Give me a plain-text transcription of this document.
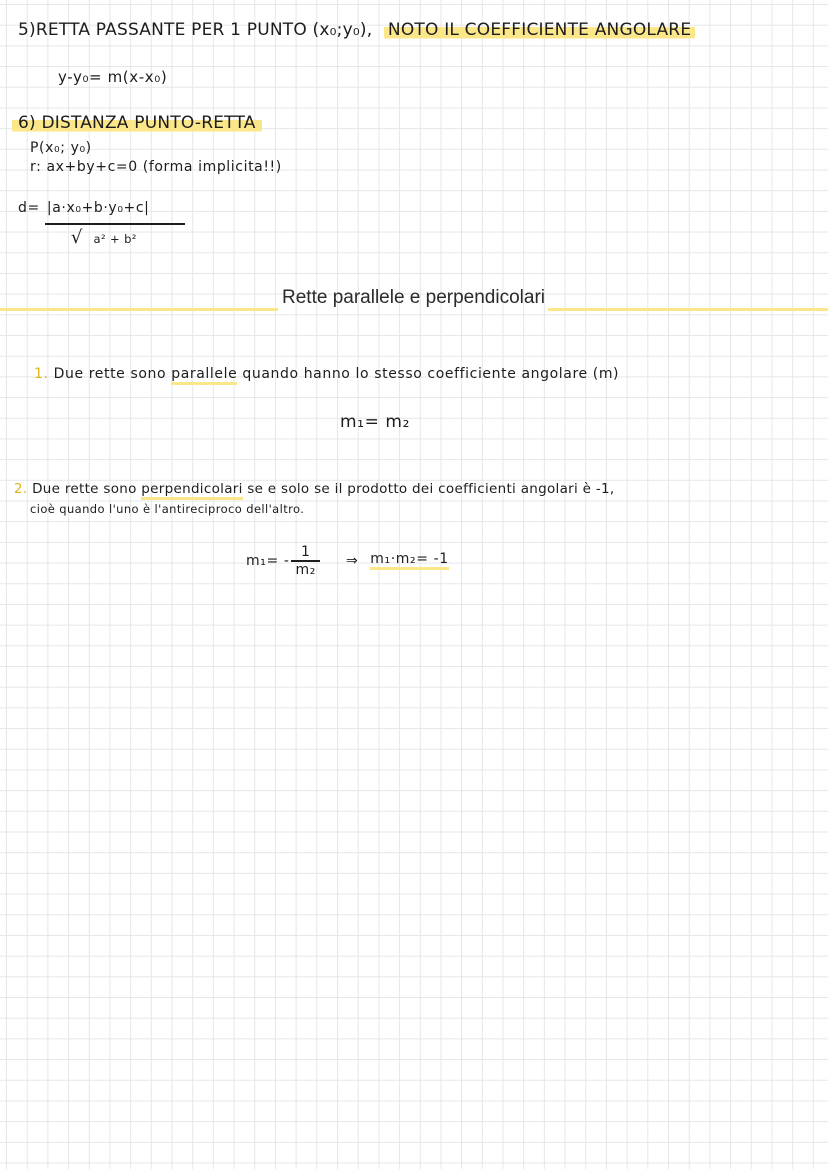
5)RETTA PASSANTE PER 1 PUNTO (x₀;y₀), NOTO IL COEFFICIENTE ANGOLARE
y-y₀= m(x-x₀)
6) DISTANZA PUNTO-RETTA
P(x₀; y₀)
r: ax+by+c=0 (forma implicita!!)
$d= \frac{\text{|a·x₀+b·y₀+c|}}{\text{√ a² + b²}}$
Rette parallele e perpendicolari
1. Due rette sono parallele quando hanno lo stesso coefficiente angolare (m)
m₁= m₂
2. Due rette sono perpendicolari se e solo se il prodotto dei coefficienti angolari è -1,
cioè quando l'uno è l'antireciproco dell'altro.
$m_1= - \frac{1}{\text{m₂}}$ ⇒ m₁·m₂= -1
